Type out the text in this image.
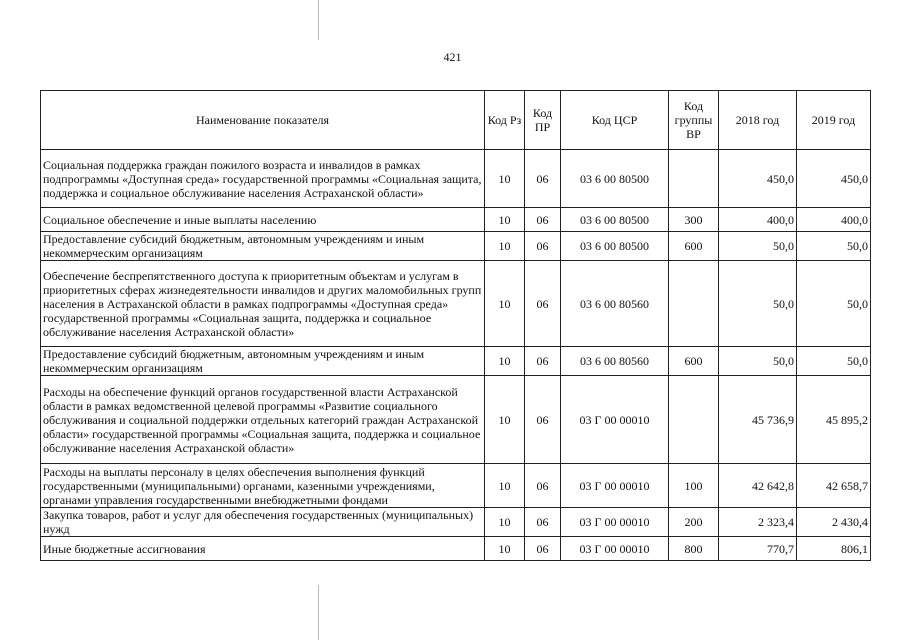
421
Наименование показателя	Код Рз	Код ПР	Код ЦСР	Код группы ВР	2018 год	2019 год
Социальная поддержка граждан пожилого возраста и инвалидов в рамках подпрограммы «Доступная среда» государственной программы «Социальная защита, поддержка и социальное обслуживание населения Астраханской области»	10	06	03 6 00 80500		450,0	450,0
Социальное обеспечение и иные выплаты населению	10	06	03 6 00 80500	300	400,0	400,0
Предоставление субсидий бюджетным, автономным учреждениям и иным некоммерческим организациям	10	06	03 6 00 80500	600	50,0	50,0
Обеспечение беспрепятственного доступа к приоритетным объектам и услугам в приоритетных сферах жизнедеятельности инвалидов и других маломобильных групп населения в Астраханской области в рамках подпрограммы «Доступная среда» государственной программы «Социальная защита, поддержка и социальное обслуживание населения Астраханской области»	10	06	03 6 00 80560		50,0	50,0
Предоставление субсидий бюджетным, автономным учреждениям и иным некоммерческим организациям	10	06	03 6 00 80560	600	50,0	50,0
Расходы на обеспечение функций органов государственной власти Астраханской области в рамках ведомственной целевой программы «Развитие социального обслуживания и социальной поддержки отдельных категорий граждан Астраханской области» государственной программы «Социальная защита, поддержка и социальное обслуживание населения Астраханской области»	10	06	03 Г 00 00010		45 736,9	45 895,2
Расходы на выплаты персоналу в целях обеспечения выполнения функций государственными (муниципальными) органами, казенными учреждениями, органами управления государственными внебюджетными фондами	10	06	03 Г 00 00010	100	42 642,8	42 658,7
Закупка товаров, работ и услуг для обеспечения государственных (муниципальных) нужд	10	06	03 Г 00 00010	200	2 323,4	2 430,4
Иные бюджетные ассигнования	10	06	03 Г 00 00010	800	770,7	806,1
